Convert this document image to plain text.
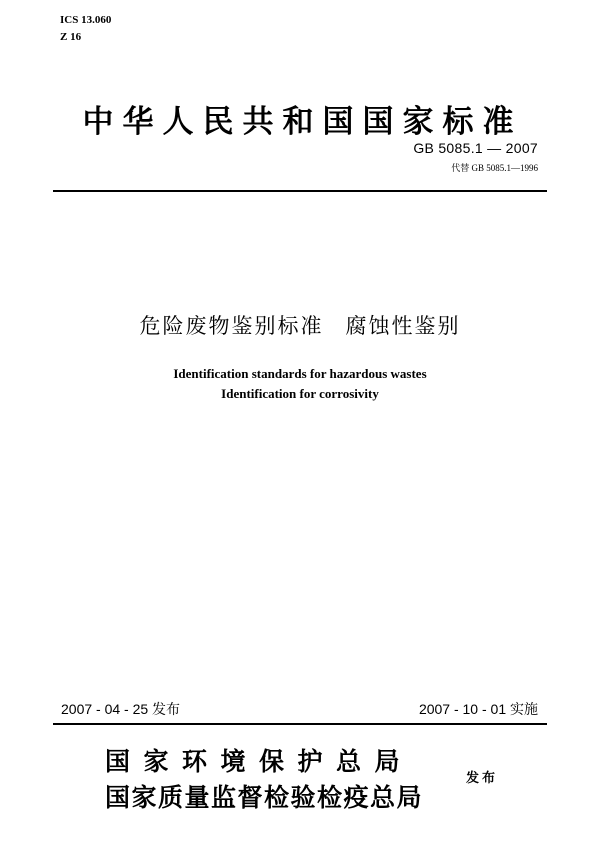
ICS 13.060
Z 16
中华人民共和国国家标准
GB 5085.1 — 2007
代替 GB 5085.1—1996
危险废物鉴别标准 腐蚀性鉴别
Identification standards for hazardous wastes
Identification for corrosivity
2007 - 04 - 25 发布	2007 - 10 - 01 实施
国家环境保护总局
国家质量监督检验检疫总局
发布
